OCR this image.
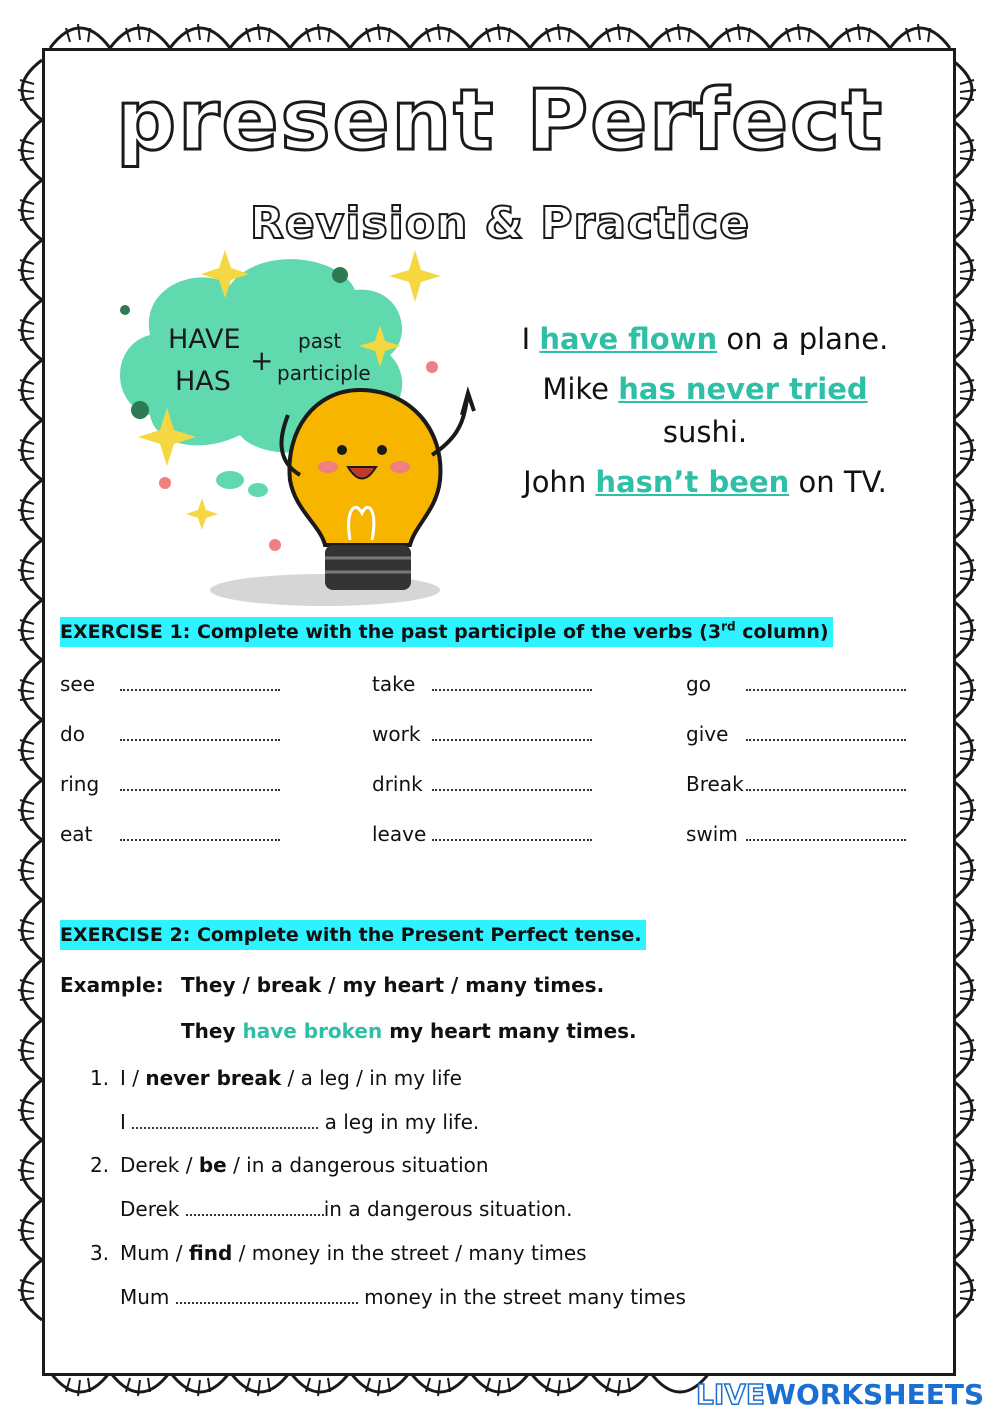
present Perfect
Revision & Practice
HAVE
HAS
+
past
participle

I have flown on a plane.

Mike has never tried sushi.

John hasn’t been on TV.

EXERCISE 1: Complete with the past participle of the verbs (3rd column)
see	take	go
do	work	give
ring	drink	Break
eat	leave	swim
EXERCISE 2: Complete with the Present Perfect tense.
Example: They / break / my heart / many times.
They have broken my heart many times.
1. I / never break / a leg / in my life
I	a leg in my life.
2. Derek / be / in a dangerous situation
Derek	in a dangerous situation.
3. Mum / find / money in the street / many times
Mum	money in the street many times
LIVEWORKSHEETS
